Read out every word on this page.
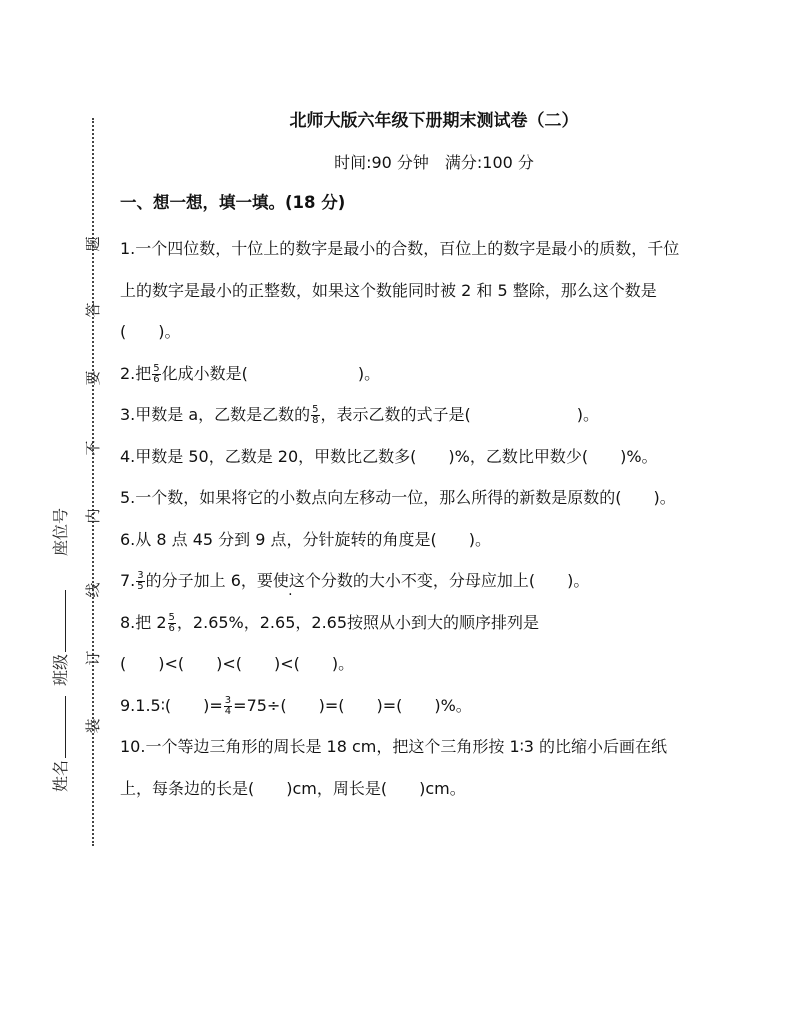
题
答
要
不
内
线
订
装
座位号
班级
姓名
北师大版六年级下册期末测试卷（二）
时间:90 分钟　满分:100 分
一、想一想，填一填。(18 分)

1.一个四位数，十位上的数字是最小的合数，百位上的数字是最小的质数，千位上的数字是最小的正整数，如果这个数能同时被 2 和 5 整除，那么这个数是(　　)。

2.把 $\frac{5}{6}$ 化成小数是(	)。

3.甲数是 a，乙数是乙数的 $\frac{5}{8}$ ，表示乙数的式子是(	)。

4.甲数是 50，乙数是 20，甲数比乙数多(　　)%，乙数比甲数少(　　)%。

5.一个数，如果将它的小数点向左移动一位，那么所得的新数是原数的(　　)。

6.从 8 点 45 分到 9 点，分针旋转的角度是(　　)。

7. $\frac{3}{5}$ 的分子加上 6，要使这个分数的大小不变，分母应加上(　　)。

8.把 $2 \frac{5}{6}$ ，2.65%，2.65 ·，2.65按照从小到大的顺序排列是
(　　)<(　　)<(　　)<(　　)。

9.1.5∶(　　)= $\frac{3}{4} =75\div$(　　)=(　　)=(　　)%。

10.一个等边三角形的周长是 18 cm，把这个三角形按 1∶3 的比缩小后画在纸上，每条边的长是(　　)cm，周长是(　　)cm。
